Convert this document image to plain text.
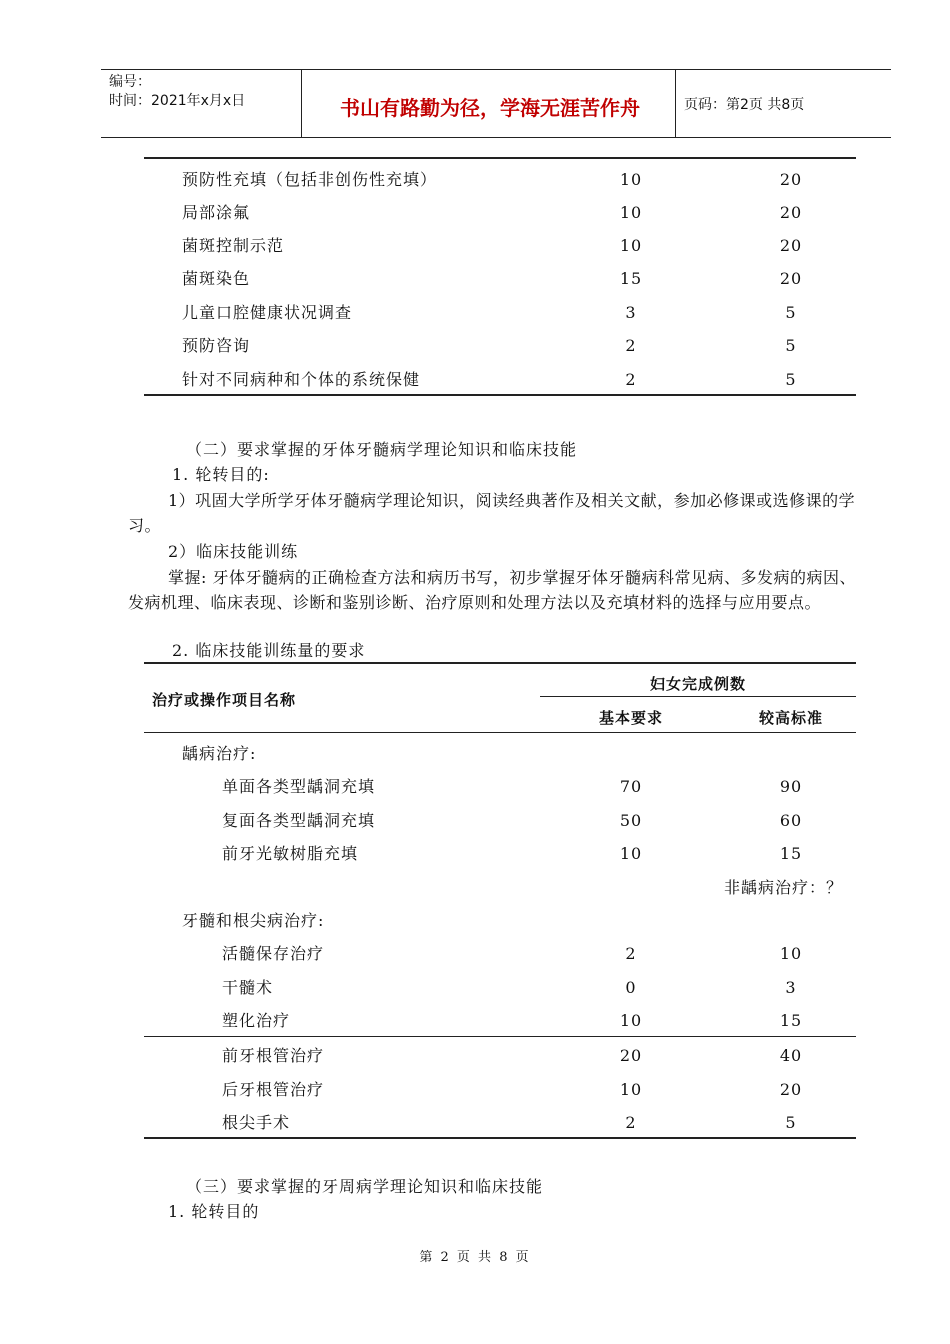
编号：
时间：2021年x月x日	书山有路勤为径，学海无涯苦作舟	页码：第2页 共8页
预防性充填（包括非创伤性充填）	10	20
局部涂氟	10	20
菌斑控制示范	10	20
菌斑染色	15	20
儿童口腔健康状况调查	3	5
预防咨询	2	5
针对不同病种和个体的系统保健	2	5
（二）要求掌握的牙体牙髓病学理论知识和临床技能
1. 轮转目的:
1）巩固大学所学牙体牙髓病学理论知识，阅读经典著作及相关文献，参加必修课或选修课的学习。
2）临床技能训练
掌握: 牙体牙髓病的正确检查方法和病历书写，初步掌握牙体牙髓病科常见病、多发病的病因、发病机理、临床表现、诊断和鉴别诊断、治疗原则和处理方法以及充填材料的选择与应用要点。
2. 临床技能训练量的要求
治疗或操作项目名称
妇女完成例数
基本要求	较高标准
龋病治疗:
单面各类型龋洞充填	70	90
复面各类型龋洞充填	50	60
前牙光敏树脂充填	10	15
非龋病治疗：？
牙髓和根尖病治疗:
活髓保存治疗	2	10
干髓术	0	3
塑化治疗	10	15
前牙根管治疗	20	40
后牙根管治疗	10	20
根尖手术	2	5
（三）要求掌握的牙周病学理论知识和临床技能
1. 轮转目的
第 2 页 共 8 页
